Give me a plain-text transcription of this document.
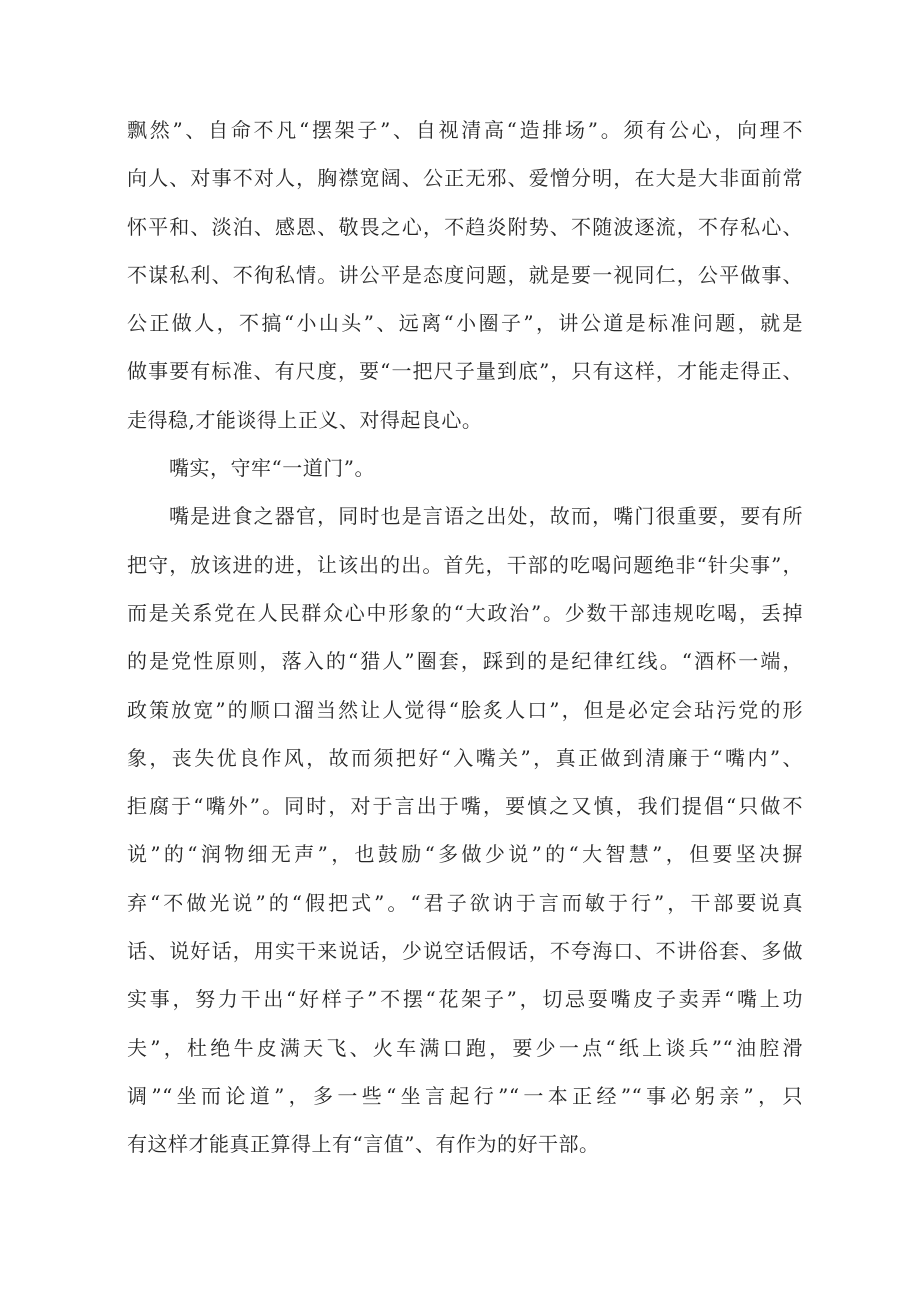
飘然”、自命不凡“摆架子”、自视清高“造排场”。须有公心，向理不
向人、对事不对人，胸襟宽阔、公正无邪、爱憎分明，在大是大非面前常
怀平和、淡泊、感恩、敬畏之心，不趋炎附势、不随波逐流，不存私心、
不谋私利、不徇私情。讲公平是态度问题，就是要一视同仁，公平做事、
公正做人，不搞“小山头”、远离“小圈子”，讲公道是标准问题，就是
做事要有标准、有尺度，要“一把尺子量到底”，只有这样，才能走得正、
走得稳,才能谈得上正义、对得起良心。
嘴实，守牢“一道门”。
嘴是进食之器官，同时也是言语之出处，故而，嘴门很重要，要有所
把守，放该进的进，让该出的出。首先，干部的吃喝问题绝非“针尖事”，
而是关系党在人民群众心中形象的“大政治”。少数干部违规吃喝，丢掉
的是党性原则，落入的“猎人”圈套，踩到的是纪律红线。“酒杯一端，
政策放宽”的顺口溜当然让人觉得“脍炙人口”，但是必定会玷污党的形
象，丧失优良作风，故而须把好“入嘴关”，真正做到清廉于“嘴内”、
拒腐于“嘴外”。同时，对于言出于嘴，要慎之又慎，我们提倡“只做不
说”的“润物细无声”，也鼓励“多做少说”的“大智慧”，但要坚决摒
弃“不做光说”的“假把式”。“君子欲讷于言而敏于行”，干部要说真
话、说好话，用实干来说话，少说空话假话，不夸海口、不讲俗套、多做
实事，努力干出“好样子”不摆“花架子”，切忌耍嘴皮子卖弄“嘴上功
夫”，杜绝牛皮满天飞、火车满口跑，要少一点“纸上谈兵”“油腔滑
调”“坐而论道”，多一些“坐言起行”“一本正经”“事必躬亲”，只
有这样才能真正算得上有“言值”、有作为的好干部。
